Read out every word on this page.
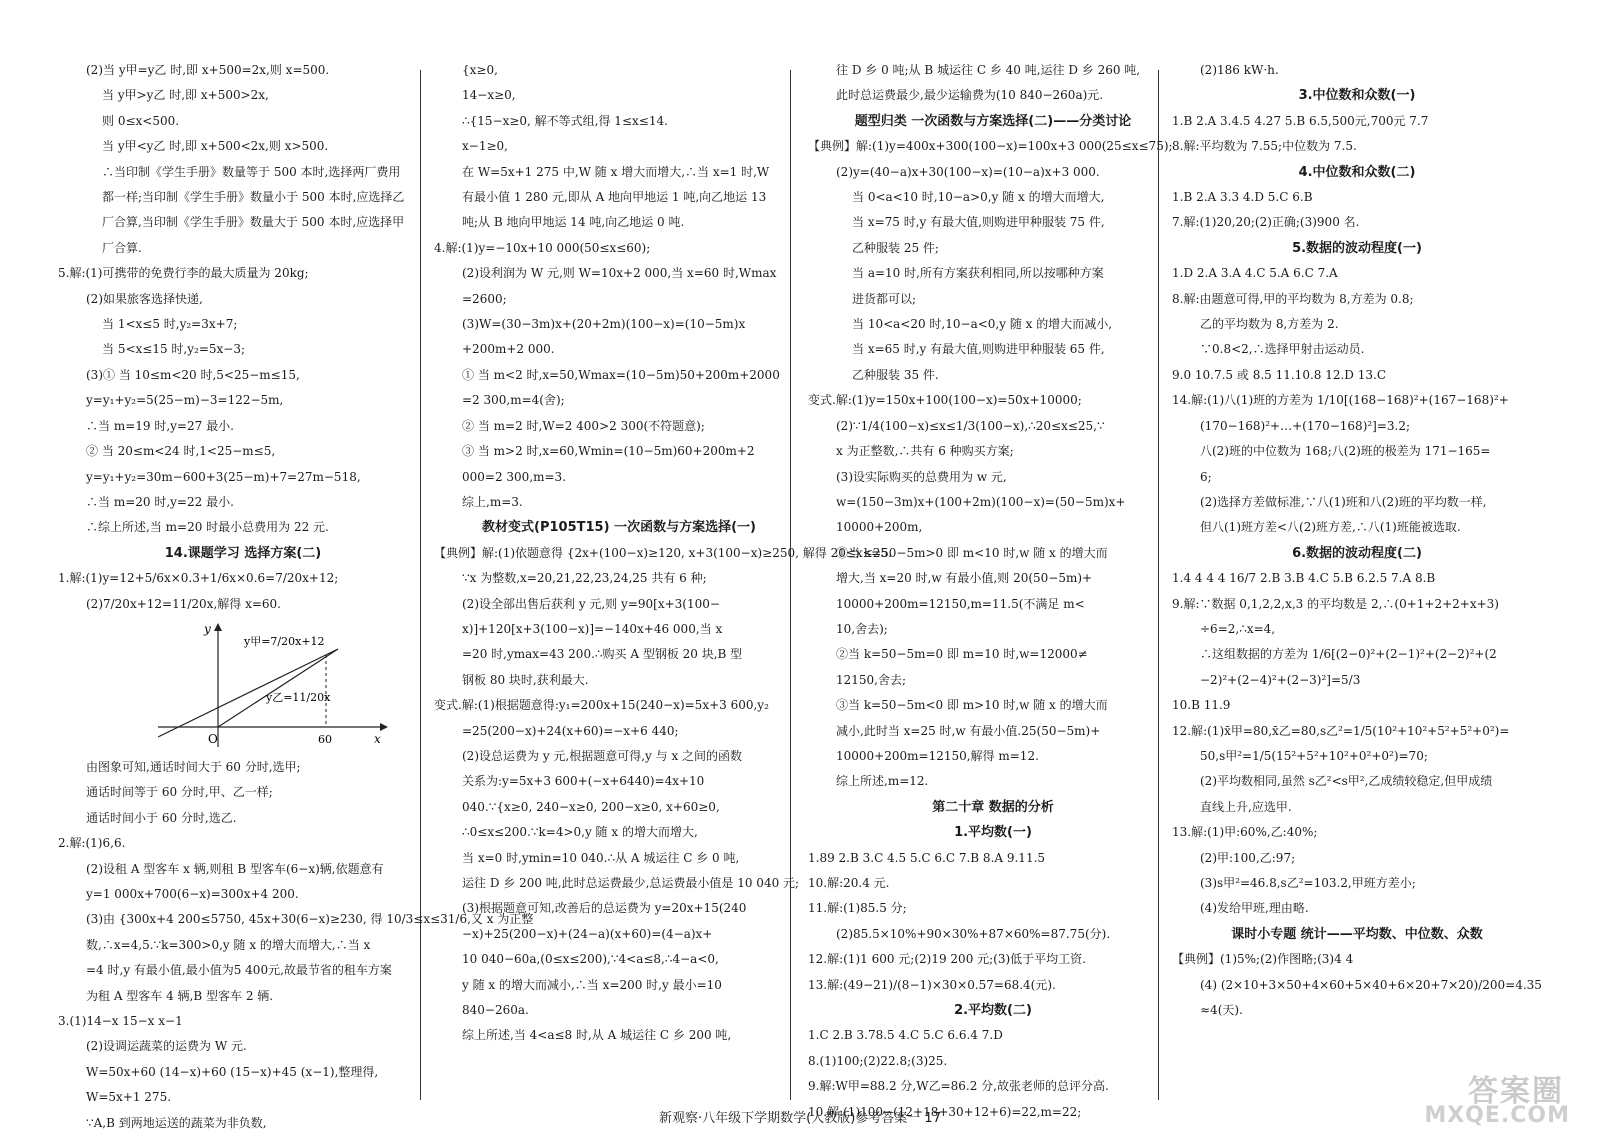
(2)当 y甲=y乙 时,即 x+500=2x,则 x=500.
当 y甲>y乙 时,即 x+500>2x,
则 0≤x<500.
当 y甲<y乙 时,即 x+500<2x,则 x>500.
∴当印制《学生手册》数量等于 500 本时,选择两厂费用
都一样;当印制《学生手册》数量小于 500 本时,应选择乙
厂合算,当印制《学生手册》数量大于 500 本时,应选择甲
厂合算.
5.解:(1)可携带的免费行李的最大质量为 20kg;
(2)如果旅客选择快递,
当 1<x≤5 时,y₂=3x+7;
当 5<x≤15 时,y₂=5x−3;
(3)① 当 10≤m<20 时,5<25−m≤15,
y=y₁+y₂=5(25−m)−3=122−5m,
∴当 m=19 时,y=27 最小.
② 当 20≤m<24 时,1<25−m≤5,
y=y₁+y₂=30m−600+3(25−m)+7=27m−518,
∴当 m=20 时,y=22 最小.
∴综上所述,当 m=20 时最小总费用为 22 元.
14.课题学习 选择方案(二)
1.解:(1)y=12+5/6x×0.3+1/6x×0.6=7/20x+12;
(2)7/20x+12=11/20x,解得 x=60.
y
x
O	60
y甲=7/20x+12
y乙=11/20x
由图象可知,通话时间大于 60 分时,选甲;
通话时间等于 60 分时,甲、乙一样;
通话时间小于 60 分时,选乙.
2.解:(1)6,6.
(2)设租 A 型客车 x 辆,则租 B 型客车(6−x)辆,依题意有
y=1 000x+700(6−x)=300x+4 200.
(3)由 {300x+4 200≤5750, 45x+30(6−x)≥230, 得 10/3≤x≤31/6,又 x 为正整
数,∴x=4,5.∵k=300>0,y 随 x 的增大而增大,∴当 x
=4 时,y 有最小值,最小值为5 400元,故最节省的租车方案
为租 A 型客车 4 辆,B 型客车 2 辆.
3.(1)14−x 15−x x−1
(2)设调运蔬菜的运费为 W 元.
W=50x+60 (14−x)+60 (15−x)+45 (x−1),整理得,
W=5x+1 275.
∵A,B 到两地运送的蔬菜为非负数,
{x≥0,
14−x≥0,
∴{15−x≥0, 解不等式组,得 1≤x≤14.
x−1≥0,
在 W=5x+1 275 中,W 随 x 增大而增大,∴当 x=1 时,W
有最小值 1 280 元,即从 A 地向甲地运 1 吨,向乙地运 13
吨;从 B 地向甲地运 14 吨,向乙地运 0 吨.
4.解:(1)y=−10x+10 000(50≤x≤60);
(2)设利润为 W 元,则 W=10x+2 000,当 x=60 时,Wmax
=2600;
(3)W=(30−3m)x+(20+2m)(100−x)=(10−5m)x
+200m+2 000.
① 当 m<2 时,x=50,Wmax=(10−5m)50+200m+2000
=2 300,m=4(舍);
② 当 m=2 时,W=2 400>2 300(不符题意);
③ 当 m>2 时,x=60,Wmin=(10−5m)60+200m+2
000=2 300,m=3.
综上,m=3.
教材变式(P105T15) 一次函数与方案选择(一)
【典例】解:(1)依题意得 {2x+(100−x)≥120, x+3(100−x)≥250, 解得 20≤x≤25.
∵x 为整数,x=20,21,22,23,24,25 共有 6 种;
(2)设全部出售后获利 y 元,则 y=90[x+3(100−
x)]+120[x+3(100−x)]=−140x+46 000,当 x
=20 时,ymax=43 200.∴购买 A 型钢板 20 块,B 型
钢板 80 块时,获利最大.
变式.解:(1)根据题意得:y₁=200x+15(240−x)=5x+3 600,y₂
=25(200−x)+24(x+60)=−x+6 440;
(2)设总运费为 y 元,根据题意可得,y 与 x 之间的函数
关系为:y=5x+3 600+(−x+6440)=4x+10
040.∵{x≥0, 240−x≥0, 200−x≥0, x+60≥0,
∴0≤x≤200.∵k=4>0,y 随 x 的增大而增大,
当 x=0 时,ymin=10 040.∴从 A 城运往 C 乡 0 吨,
运往 D 乡 200 吨,此时总运费最少,总运费最小值是 10 040 元;
(3)根据题意可知,改善后的总运费为 y=20x+15(240
−x)+25(200−x)+(24−a)(x+60)=(4−a)x+
10 040−60a,(0≤x≤200),∵4<a≤8,∴4−a<0,
y 随 x 的增大而减小,∴当 x=200 时,y 最小=10
840−260a.
综上所述,当 4<a≤8 时,从 A 城运往 C 乡 200 吨,
往 D 乡 0 吨;从 B 城运往 C 乡 40 吨,运往 D 乡 260 吨,
此时总运费最少,最少运输费为(10 840−260a)元.
题型归类 一次函数与方案选择(二)——分类讨论
【典例】解:(1)y=400x+300(100−x)=100x+3 000(25≤x≤75);
(2)y=(40−a)x+30(100−x)=(10−a)x+3 000.
当 0<a<10 时,10−a>0,y 随 x 的增大而增大,
当 x=75 时,y 有最大值,则购进甲种服装 75 件,
乙种服装 25 件;
当 a=10 时,所有方案获利相同,所以按哪种方案
进货都可以;
当 10<a<20 时,10−a<0,y 随 x 的增大而减小,
当 x=65 时,y 有最大值,则购进甲种服装 65 件,
乙种服装 35 件.
变式.解:(1)y=150x+100(100−x)=50x+10000;
(2)∵1/4(100−x)≤x≤1/3(100−x),∴20≤x≤25,∵
x 为正整数,∴共有 6 种购买方案;
(3)设实际购买的总费用为 w 元,
w=(150−3m)x+(100+2m)(100−x)=(50−5m)x+
10000+200m,
①当 k=50−5m>0 即 m<10 时,w 随 x 的增大而
增大,当 x=20 时,w 有最小值,则 20(50−5m)+
10000+200m=12150,m=11.5(不满足 m<
10,舍去);
②当 k=50−5m=0 即 m=10 时,w=12000≠
12150,舍去;
③当 k=50−5m<0 即 m>10 时,w 随 x 的增大而
减小,此时当 x=25 时,w 有最小值.25(50−5m)+
10000+200m=12150,解得 m=12.
综上所述,m=12.
第二十章 数据的分析
1.平均数(一)
1.89 2.B 3.C 4.5 5.C 6.C 7.B 8.A 9.11.5
10.解:20.4 元.
11.解:(1)85.5 分;
(2)85.5×10%+90×30%+87×60%=87.75(分).
12.解:(1)1 600 元;(2)19 200 元;(3)低于平均工资.
13.解:(49−21)/(8−1)×30×0.57=68.4(元).
2.平均数(二)
1.C 2.B 3.78.5 4.C 5.C 6.6.4 7.D
8.(1)100;(2)22.8;(3)25.
9.解:W甲=88.2 分,W乙=86.2 分,故张老师的总评分高.
10.解:(1)100−(12+18+30+12+6)=22,m=22;
(2)186 kW·h.
3.中位数和众数(一)
1.B 2.A 3.4.5 4.27 5.B 6.5,500元,700元 7.7
8.解:平均数为 7.55;中位数为 7.5.
4.中位数和众数(二)
1.B 2.A 3.3 4.D 5.C 6.B
7.解:(1)20,20;(2)正确;(3)900 名.
5.数据的波动程度(一)
1.D 2.A 3.A 4.C 5.A 6.C 7.A
8.解:由题意可得,甲的平均数为 8,方差为 0.8;
乙的平均数为 8,方差为 2.
∵0.8<2,∴选择甲射击运动员.
9.0 10.7.5 或 8.5 11.10.8 12.D 13.C
14.解:(1)八(1)班的方差为 1/10[(168−168)²+(167−168)²+
(170−168)²+…+(170−168)²]=3.2;
八(2)班的中位数为 168;八(2)班的极差为 171−165=
6;
(2)选择方差做标准,∵八(1)班和八(2)班的平均数一样,
但八(1)班方差<八(2)班方差,∴八(1)班能被选取.
6.数据的波动程度(二)
1.4 4 4 4 16/7 2.B 3.B 4.C 5.B 6.2.5 7.A 8.B
9.解:∵数据 0,1,2,2,x,3 的平均数是 2,∴(0+1+2+2+x+3)
÷6=2,∴x=4,
∴这组数据的方差为 1/6[(2−0)²+(2−1)²+(2−2)²+(2
−2)²+(2−4)²+(2−3)²]=5/3
10.B 11.9
12.解:(1)x̄甲=80,x̄乙=80,s乙²=1/5(10²+10²+5²+5²+0²)=
50,s甲²=1/5(15²+5²+10²+0²+0²)=70;
(2)平均数相同,虽然 s乙²<s甲²,乙成绩较稳定,但甲成绩
直线上升,应选甲.
13.解:(1)甲:60%,乙:40%;
(2)甲:100,乙:97;
(3)s甲²=46.8,s乙²=103.2,甲班方差小;
(4)发给甲班,理由略.
课时小专题 统计——平均数、中位数、众数
【典例】(1)5%;(2)作图略;(3)4 4
(4) (2×10+3×50+4×60+5×40+6×20+7×20)/200=4.35
≈4(天).
新观察·八年级下学期数学(人教版)参考答案一 17
答案圈
MXQE.COM
